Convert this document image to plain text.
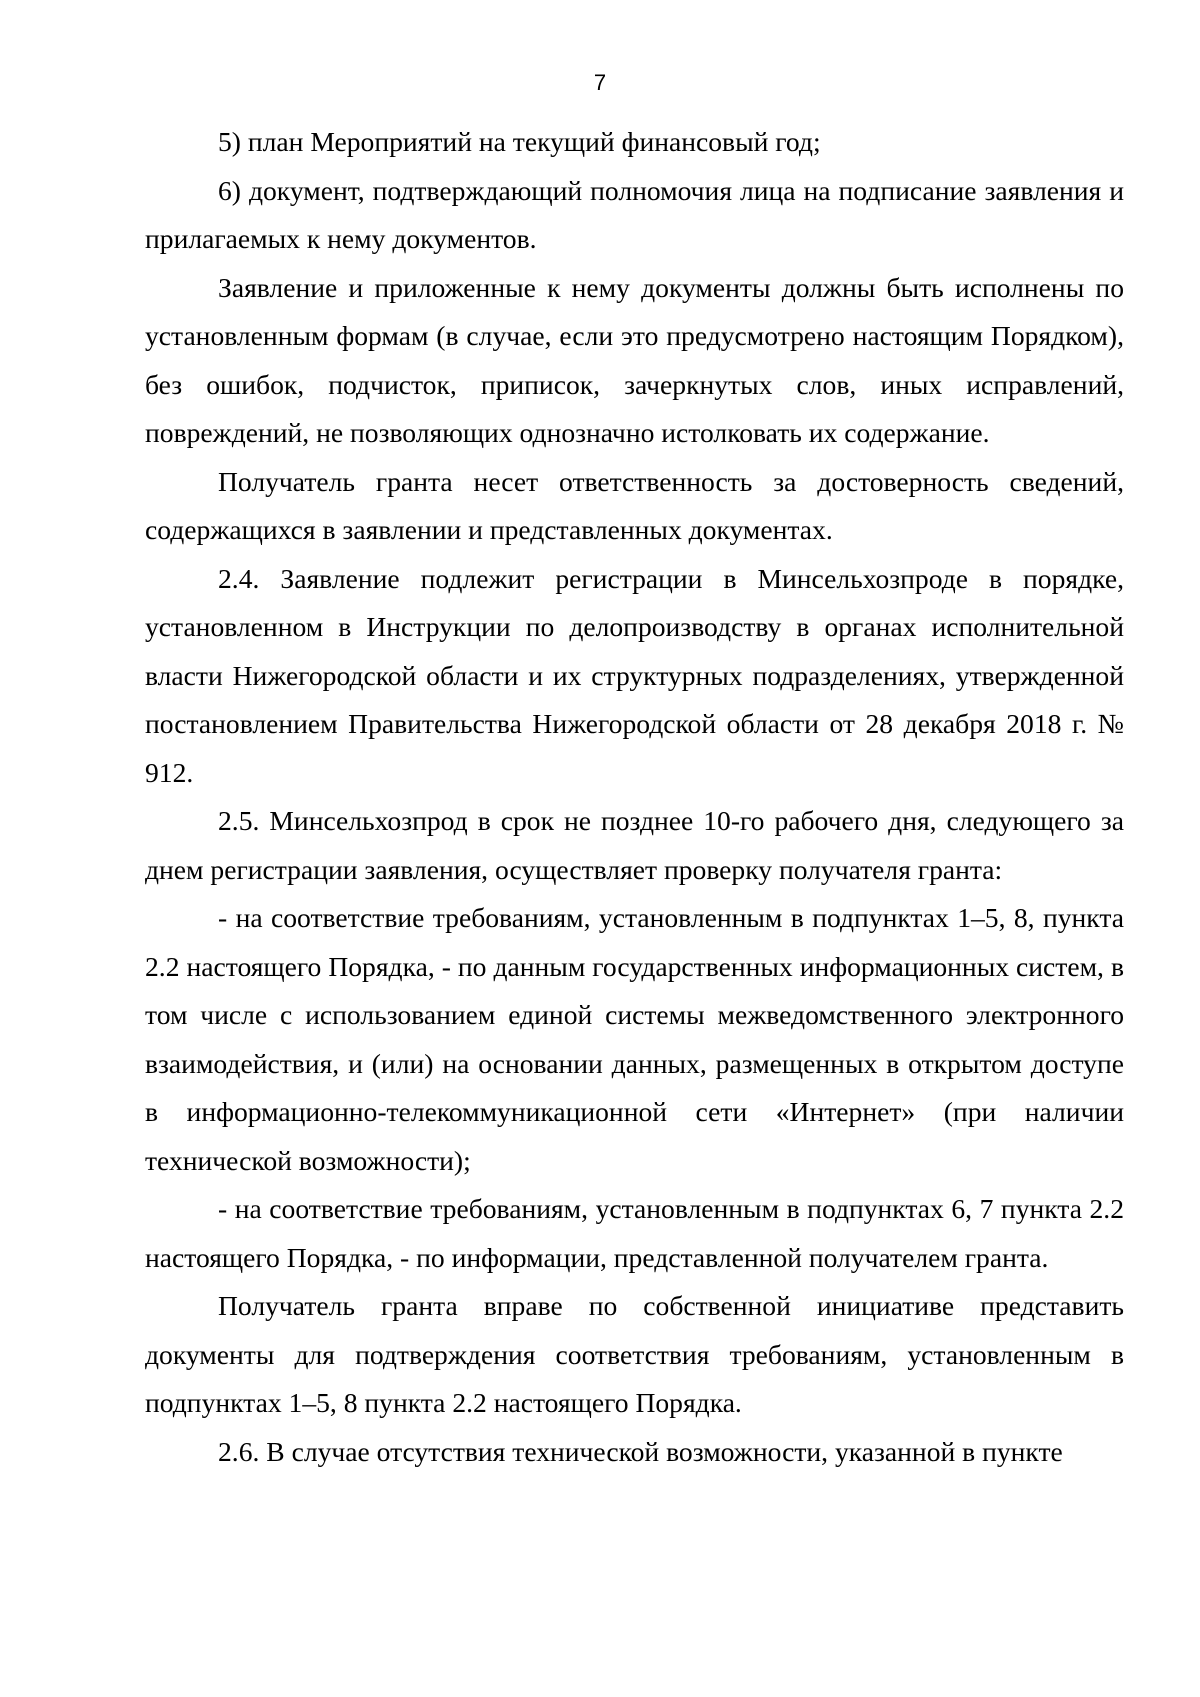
7

5) план Мероприятий на текущий финансовый год;

6) документ, подтверждающий полномочия лица на подписание заявления и прилагаемых к нему документов.

Заявление и приложенные к нему документы должны быть исполнены по установленным формам (в случае, если это предусмотрено настоящим Порядком), без ошибок, подчисток, приписок, зачеркнутых слов, иных исправлений, повреждений, не позволяющих однозначно истолковать их содержание.

Получатель гранта несет ответственность за достоверность сведений, содержащихся в заявлении и представленных документах.

2.4. Заявление подлежит регистрации в Минсельхозпроде в порядке, установленном в Инструкции по делопроизводству в органах исполнительной власти Нижегородской области и их структурных подразделениях, утвержденной постановлением Правительства Нижегородской области от 28 декабря 2018 г. № 912.

2.5. Минсельхозпрод в срок не позднее 10-го рабочего дня, следующего за днем регистрации заявления, осуществляет проверку получателя гранта:

- на соответствие требованиям, установленным в подпунктах 1–5, 8, пункта 2.2 настоящего Порядка, - по данным государственных информационных систем, в том числе с использованием единой системы межведомственного электронного взаимодействия, и (или) на основании данных, размещенных в открытом доступе в информационно-телекоммуникационной сети «Интернет» (при наличии технической возможности);

- на соответствие требованиям, установленным в подпунктах 6, 7 пункта 2.2 настоящего Порядка, - по информации, представленной получателем гранта.

Получатель гранта вправе по собственной инициативе представить документы для подтверждения соответствия требованиям, установленным в подпунктах 1–5, 8 пункта 2.2 настоящего Порядка.

2.6. В случае отсутствия технической возможности, указанной в пункте
